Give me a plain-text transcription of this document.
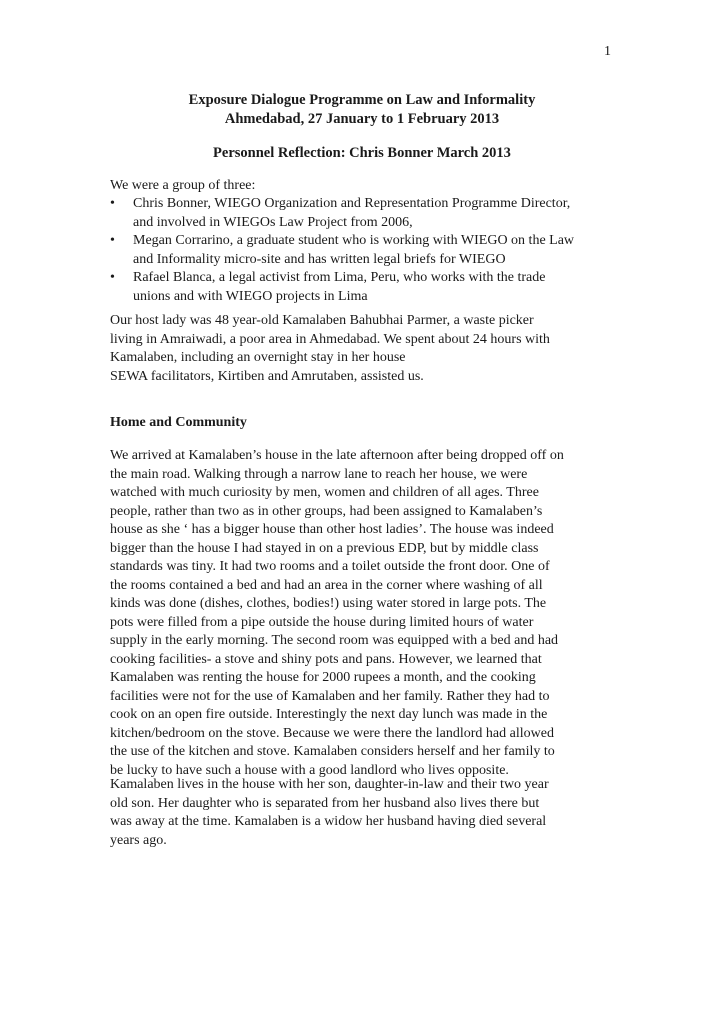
1
Exposure Dialogue Programme on Law and Informality
Ahmedabad, 27 January to 1 February 2013
Personnel Reflection: Chris Bonner March 2013
We were a group of three:
• Chris Bonner, WIEGO Organization and Representation Programme Director,
and involved in WIEGOs Law Project from 2006,
• Megan Corrarino, a graduate student who is working with WIEGO on the Law
and Informality micro-site and has written legal briefs for WIEGO
• Rafael Blanca, a legal activist from Lima, Peru, who works with the trade
unions and with WIEGO projects in Lima
Our host lady was 48 year-old Kamalaben Bahubhai Parmer, a waste picker
living in Amraiwadi, a poor area in Ahmedabad. We spent about 24 hours with
Kamalaben, including an overnight stay in her house
SEWA facilitators, Kirtiben and Amrutaben, assisted us.
Home and Community
We arrived at Kamalaben’s house in the late afternoon after being dropped off on
the main road. Walking through a narrow lane to reach her house, we were
watched with much curiosity by men, women and children of all ages. Three
people, rather than two as in other groups, had been assigned to Kamalaben’s
house as she ‘ has a bigger house than other host ladies’. The house was indeed
bigger than the house I had stayed in on a previous EDP, but by middle class
standards was tiny. It had two rooms and a toilet outside the front door. One of
the rooms contained a bed and had an area in the corner where washing of all
kinds was done (dishes, clothes, bodies!) using water stored in large pots. The
pots were filled from a pipe outside the house during limited hours of water
supply in the early morning. The second room was equipped with a bed and had
cooking facilities- a stove and shiny pots and pans. However, we learned that
Kamalaben was renting the house for 2000 rupees a month, and the cooking
facilities were not for the use of Kamalaben and her family. Rather they had to
cook on an open fire outside. Interestingly the next day lunch was made in the
kitchen/bedroom on the stove. Because we were there the landlord had allowed
the use of the kitchen and stove. Kamalaben considers herself and her family to
be lucky to have such a house with a good landlord who lives opposite.
Kamalaben lives in the house with her son, daughter-in-law and their two year
old son. Her daughter who is separated from her husband also lives there but
was away at the time. Kamalaben is a widow her husband having died several
years ago.
